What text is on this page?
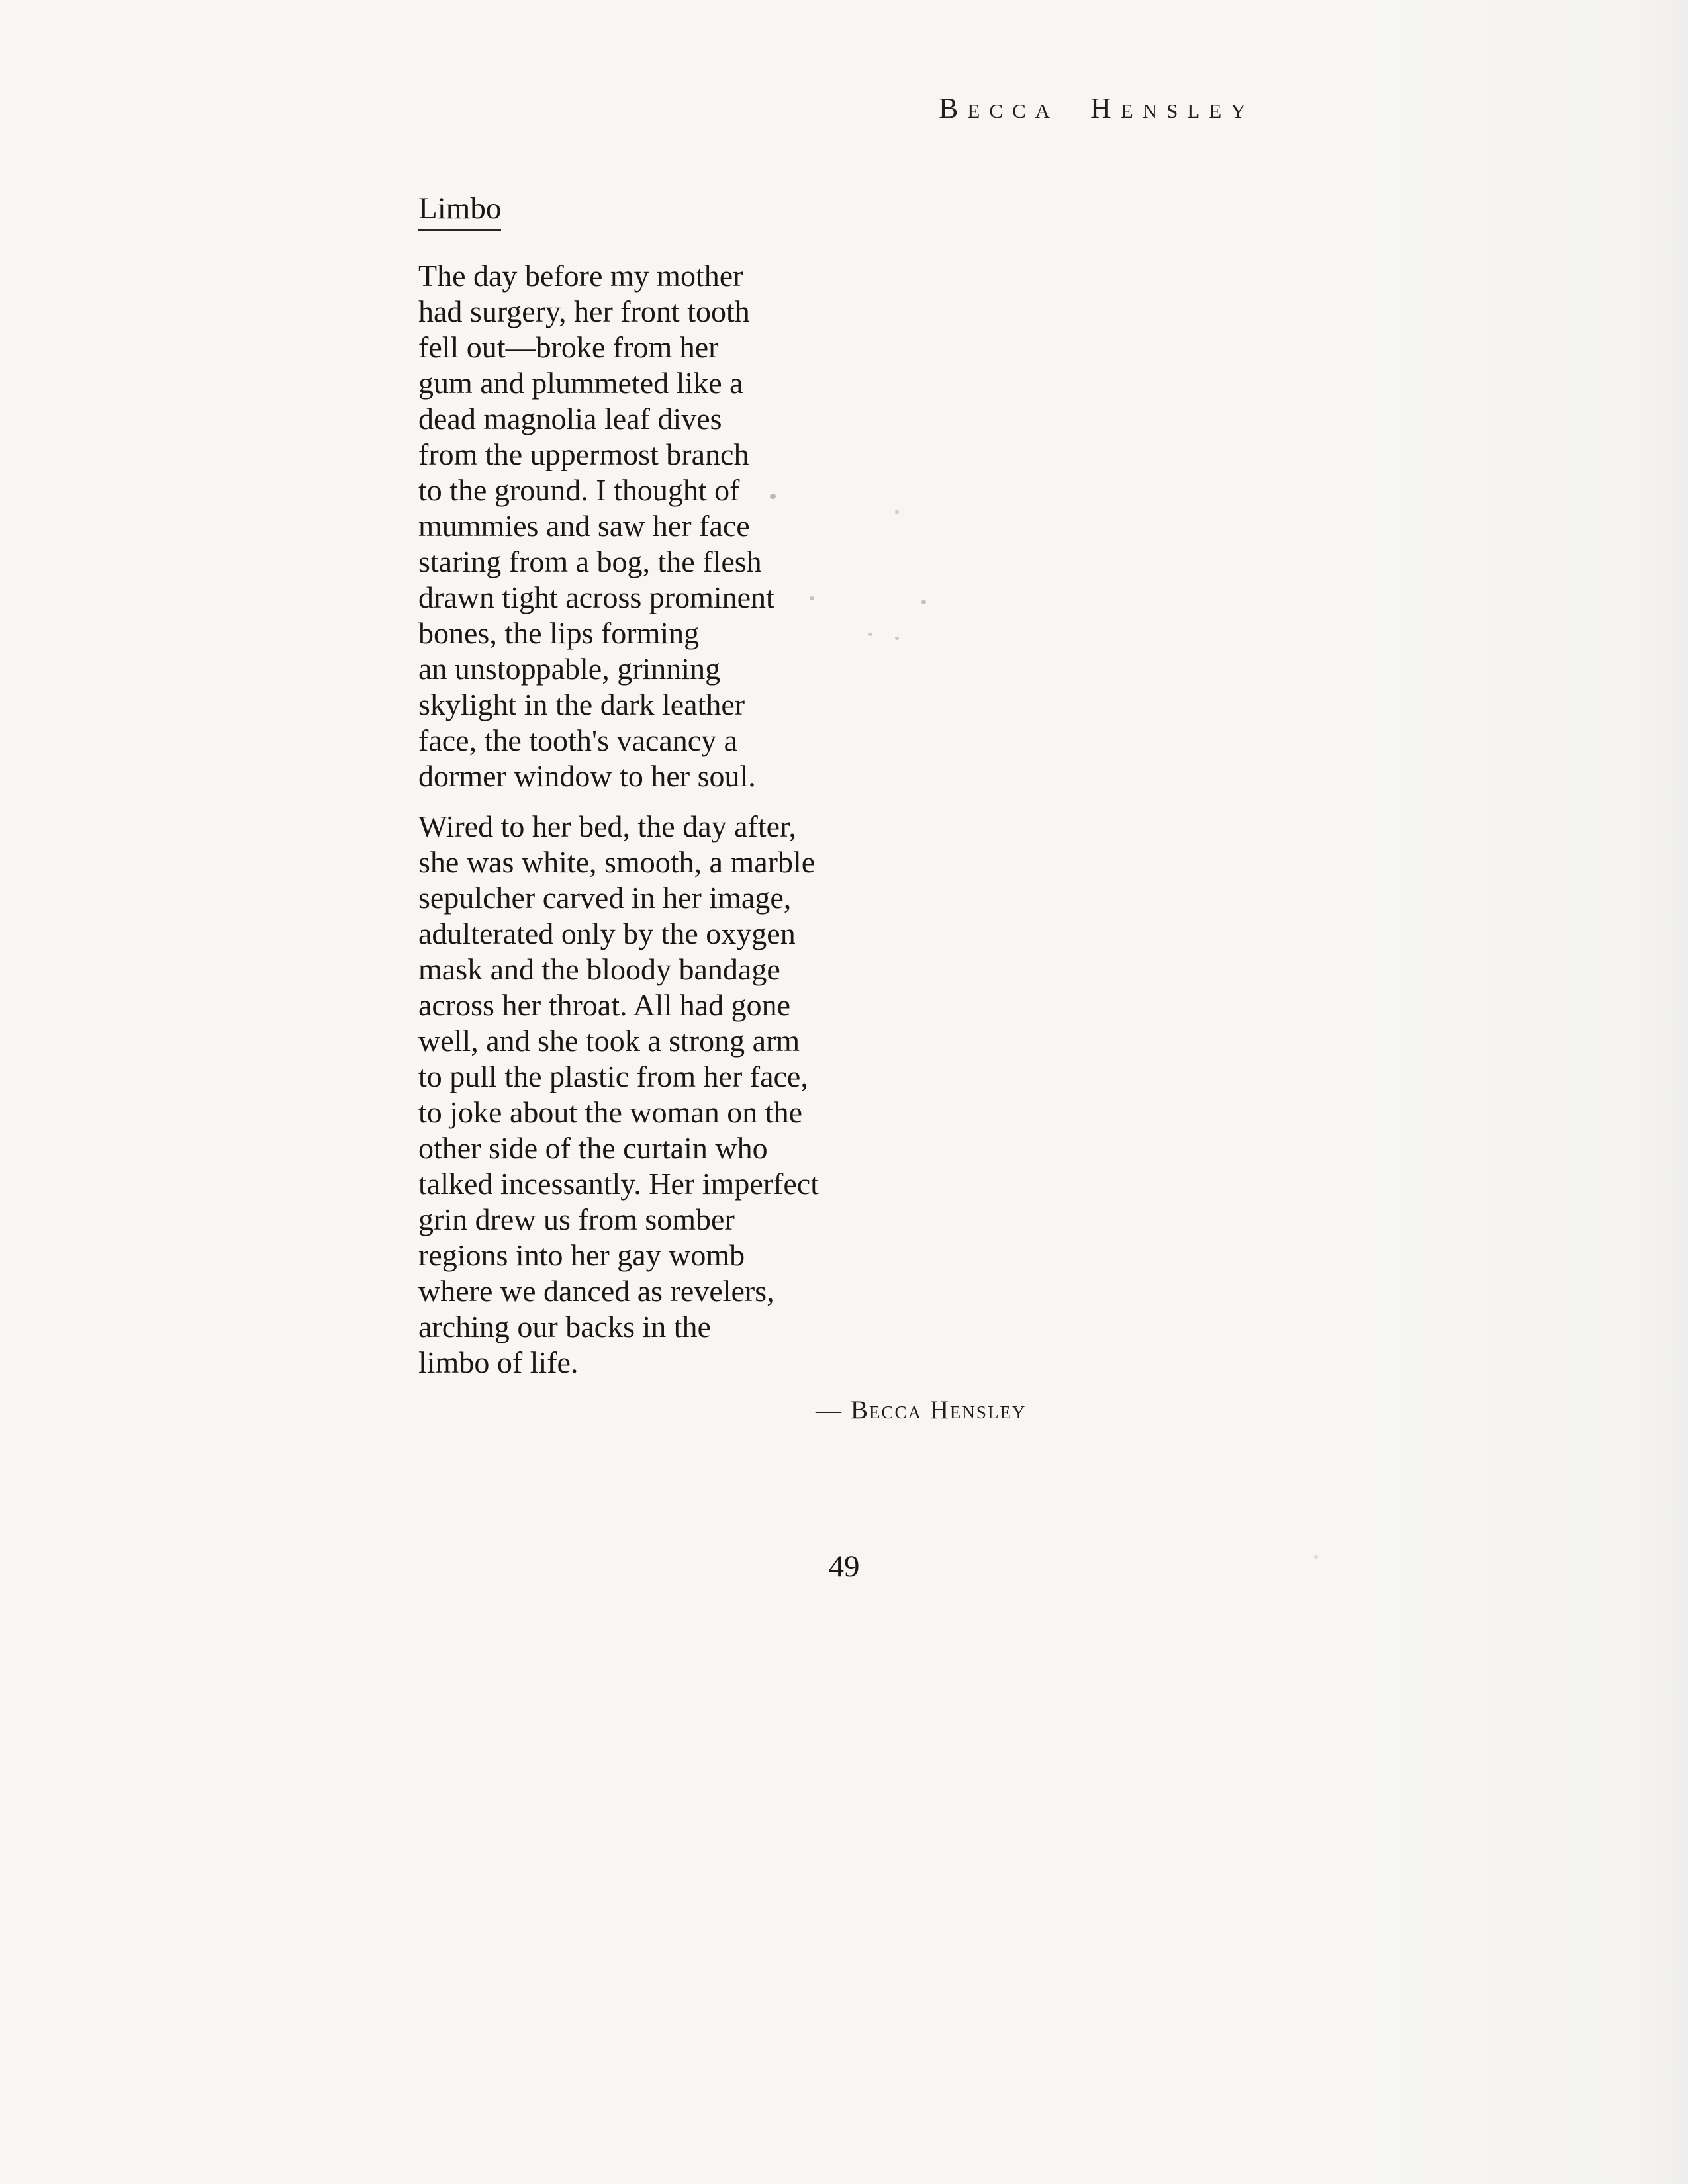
Becca Hensley
Limbo
The day before my mother
had surgery, her front tooth
fell out—broke from her
gum and plummeted like a
dead magnolia leaf dives
from the uppermost branch
to the ground. I thought of
mummies and saw her face
staring from a bog, the flesh
drawn tight across prominent
bones, the lips forming
an unstoppable, grinning
skylight in the dark leather
face, the tooth's vacancy a
dormer window to her soul.
Wired to her bed, the day after,
she was white, smooth, a marble
sepulcher carved in her image,
adulterated only by the oxygen
mask and the bloody bandage
across her throat. All had gone
well, and she took a strong arm
to pull the plastic from her face,
to joke about the woman on the
other side of the curtain who
talked incessantly. Her imperfect
grin drew us from somber
regions into her gay womb
where we danced as revelers,
arching our backs in the
limbo of life.
— Becca Hensley
49
